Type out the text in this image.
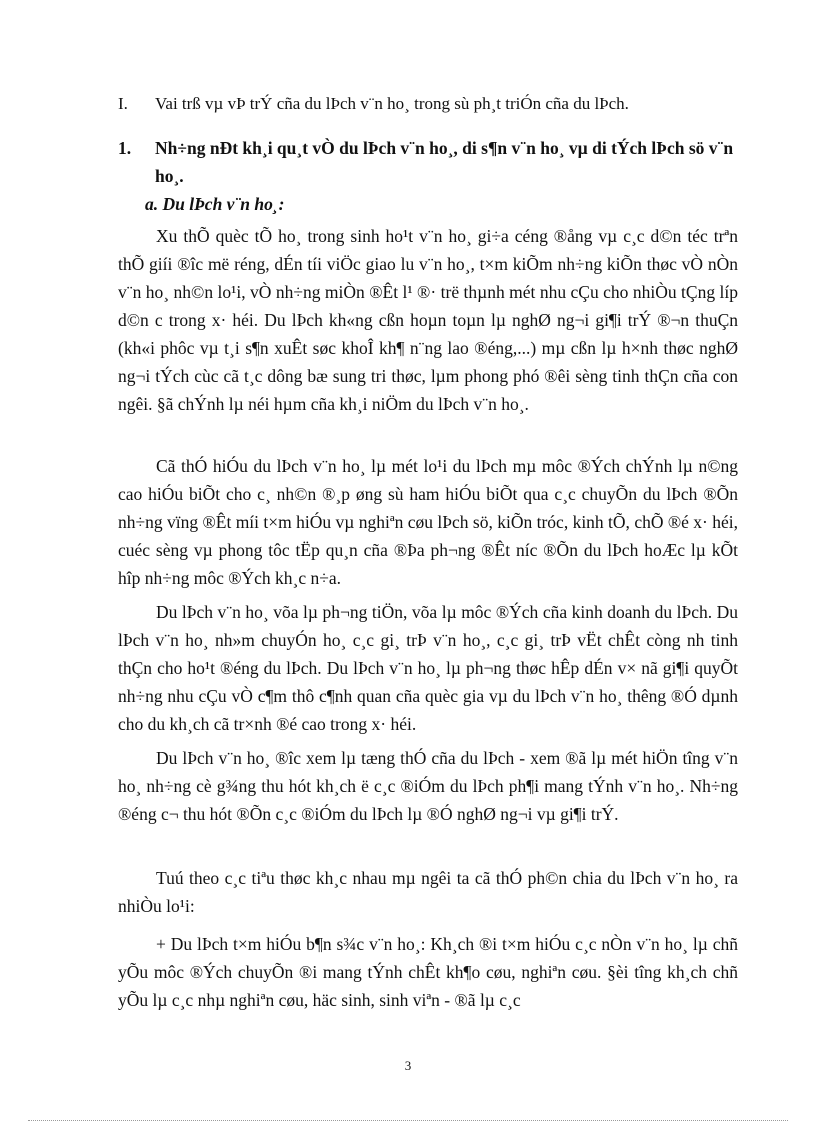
I. Vai trß vµ vÞ trÝ cña du lÞch v¨n ho¸ trong sù ph¸t triÓn cña du lÞch.
1. Nh÷ng nÐt kh¸i qu¸t vÒ du lÞch v¨n ho¸, di s¶n v¨n ho¸ vµ di tÝch lÞch sö v¨n ho¸.
a. Du lÞch v¨n ho¸:

Xu thÕ quèc tÕ ho¸ trong sinh ho¹t v¨n ho¸ gi÷a céng ®ång vµ c¸c d©n téc trªn thÕ giíi ®îc më réng, dÉn tíi viÖc giao lu v¨n ho¸, t×m kiÕm nh÷ng kiÕn thøc vÒ nÒn v¨n ho¸ nh©n lo¹i, vÒ nh÷ng miÒn ®Êt l¹ ®· trë thµnh mét nhu cÇu cho nhiÒu tÇng líp d©n c trong x· héi. Du lÞch kh«ng cßn hoµn toµn lµ nghØ ng¬i gi¶i trÝ ®¬n thuÇn (kh«i phôc vµ t¸i s¶n xuÊt søc khoÎ kh¶ n¨ng lao ®éng,...) mµ cßn lµ h×nh thøc nghØ ng¬i tÝch cùc cã t¸c dông bæ sung tri thøc, lµm phong phó ®êi sèng tinh thÇn cña con ngêi. §ã chÝnh lµ néi hµm cña kh¸i niÖm du lÞch v¨n ho¸.

Cã thÓ hiÓu du lÞch v¨n ho¸ lµ mét lo¹i du lÞch mµ môc ®Ých chÝnh lµ n©ng cao hiÓu biÕt cho c¸ nh©n ®¸p øng sù ham hiÓu biÕt qua c¸c chuyÕn du lÞch ®Õn nh÷ng vïng ®Êt míi t×m hiÓu vµ nghiªn cøu lÞch sö, kiÕn tróc, kinh tÕ, chÕ ®é x· héi, cuéc sèng vµ phong tôc tËp qu¸n cña ®Þa ph¬ng ®Êt níc ®Õn du lÞch hoÆc lµ kÕt hîp nh÷ng môc ®Ých kh¸c n÷a.

Du lÞch v¨n ho¸ võa lµ ph¬ng tiÖn, võa lµ môc ®Ých cña kinh doanh du lÞch. Du lÞch v¨n ho¸ nh»m chuyÓn ho¸ c¸c gi¸ trÞ v¨n ho¸, c¸c gi¸ trÞ vËt chÊt còng nh tinh thÇn cho ho¹t ®éng du lÞch. Du lÞch v¨n ho¸ lµ ph¬ng thøc hÊp dÉn v× nã gi¶i quyÕt nh÷ng nhu cÇu vÒ c¶m thô c¶nh quan cña quèc gia vµ du lÞch v¨n ho¸ thêng ®Ó dµnh cho du kh¸ch cã tr×nh ®é cao trong x· héi.

Du lÞch v¨n ho¸ ®îc xem lµ tæng thÓ cña du lÞch - xem ®ã lµ mét hiÖn tîng v¨n ho¸ nh÷ng cè g¾ng thu hót kh¸ch ë c¸c ®iÓm du lÞch ph¶i mang tÝnh v¨n ho¸. Nh÷ng ®éng c¬ thu hót ®Õn c¸c ®iÓm du lÞch lµ ®Ó nghØ ng¬i vµ gi¶i trÝ.

Tuú theo c¸c tiªu thøc kh¸c nhau mµ ngêi ta cã thÓ ph©n chia du lÞch v¨n ho¸ ra nhiÒu lo¹i:

+ Du lÞch t×m hiÓu b¶n s¾c v¨n ho¸: Kh¸ch ®i t×m hiÓu c¸c nÒn v¨n ho¸ lµ chñ yÕu môc ®Ých chuyÕn ®i mang tÝnh chÊt kh¶o cøu, nghiªn cøu. §èi tîng kh¸ch chñ yÕu lµ c¸c nhµ nghiªn cøu, häc sinh, sinh viªn - ®ã lµ c¸c

3
